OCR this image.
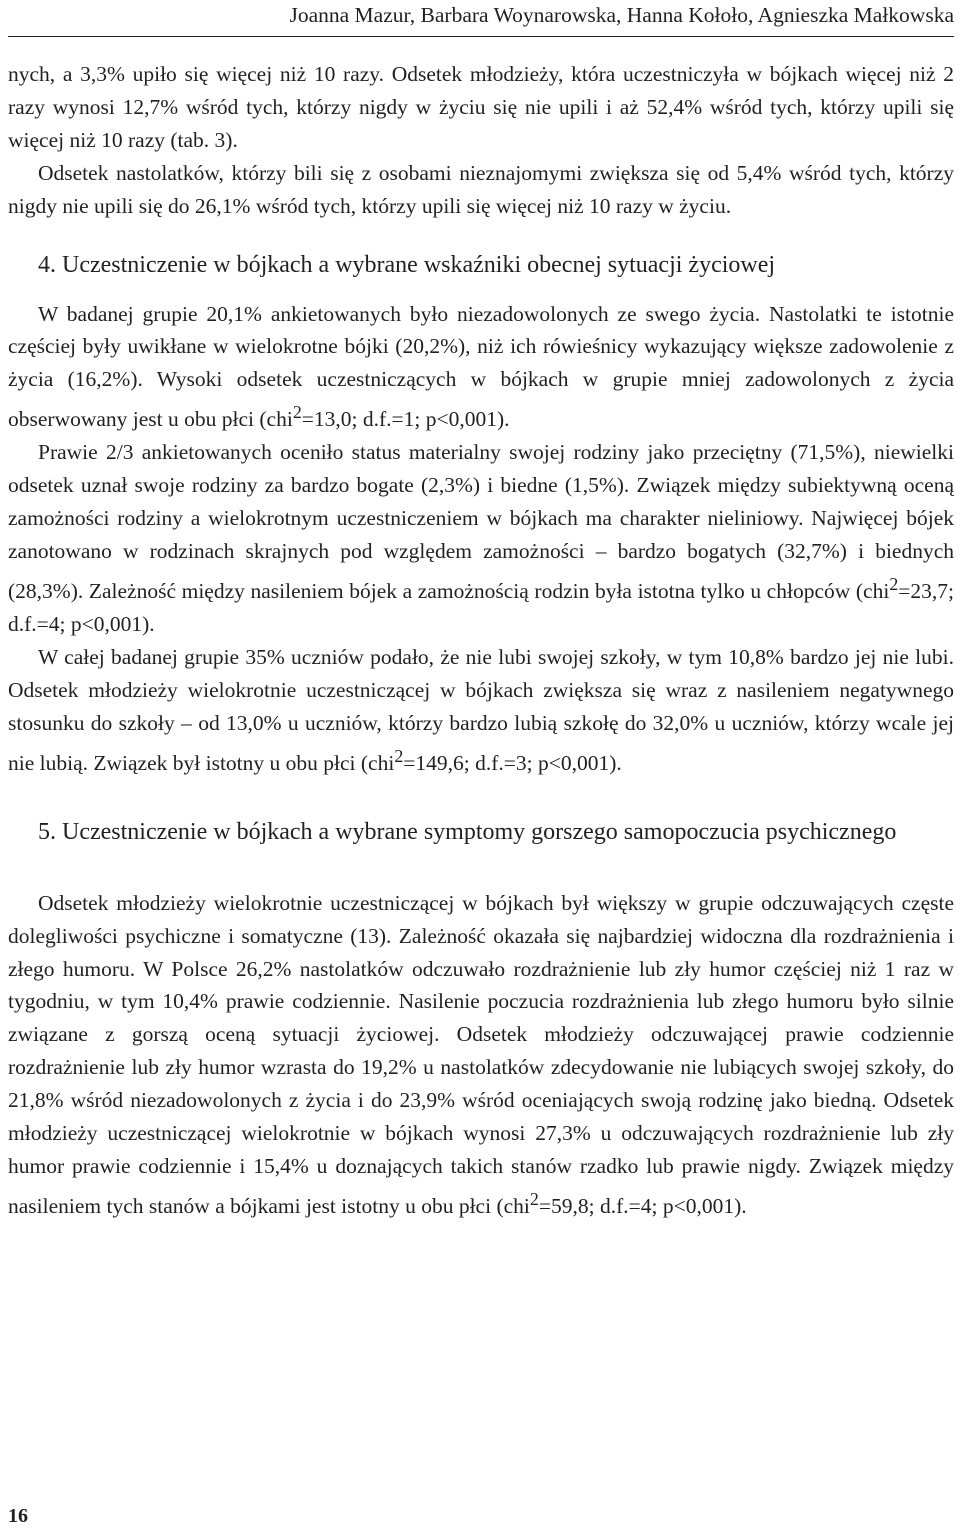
Joanna Mazur, Barbara Woynarowska, Hanna Kołoło, Agnieszka Małkowska

nych, a 3,3% upiło się więcej niż 10 razy. Odsetek młodzieży, która uczestniczyła w bójkach więcej niż 2 razy wynosi 12,7% wśród tych, którzy nigdy w życiu się nie upili i aż 52,4% wśród tych, którzy upili się więcej niż 10 razy (tab. 3).

Odsetek nastolatków, którzy bili się z osobami nieznajomymi zwiększa się od 5,4% wśród tych, którzy nigdy nie upili się do 26,1% wśród tych, którzy upili się więcej niż 10 razy w życiu.

4. Uczestniczenie w bójkach a wybrane wskaźniki obecnej sytuacji życiowej

W badanej grupie 20,1% ankietowanych było niezadowolonych ze swego życia. Nastolatki te istotnie częściej były uwikłane w wielokrotne bójki (20,2%), niż ich rówieśnicy wykazujący większe zadowolenie z życia (16,2%). Wysoki odsetek uczestniczących w bójkach w grupie mniej zadowolonych z życia obserwowany jest u obu płci (chi$^2$=13,0; d.f.=1; p<0,001).

Prawie 2/3 ankietowanych oceniło status materialny swojej rodziny jako przeciętny (71,5%), niewielki odsetek uznał swoje rodziny za bardzo bogate (2,3%) i biedne (1,5%). Związek między subiektywną oceną zamożności rodziny a wielokrotnym uczestniczeniem w bójkach ma charakter nieliniowy. Najwięcej bójek zanotowano w rodzinach skrajnych pod względem zamożności – bardzo bogatych (32,7%) i biednych (28,3%). Zależność między nasileniem bójek a zamożnością rodzin była istotna tylko u chłopców (chi$^2$=23,7; d.f.=4; p<0,001).

W całej badanej grupie 35% uczniów podało, że nie lubi swojej szkoły, w tym 10,8% bardzo jej nie lubi. Odsetek młodzieży wielokrotnie uczestniczącej w bójkach zwiększa się wraz z nasileniem negatywnego stosunku do szkoły – od 13,0% u uczniów, którzy bardzo lubią szkołę do 32,0% u uczniów, którzy wcale jej nie lubią. Związek był istotny u obu płci (chi$^2$=149,6; d.f.=3; p<0,001).

5. Uczestniczenie w bójkach a wybrane symptomy gorszego samopoczucia psychicznego

Odsetek młodzieży wielokrotnie uczestniczącej w bójkach był większy w grupie odczuwających częste dolegliwości psychiczne i somatyczne (13). Zależność okazała się najbardziej widoczna dla rozdrażnienia i złego humoru. W Polsce 26,2% nastolatków odczuwało rozdrażnienie lub zły humor częściej niż 1 raz w tygodniu, w tym 10,4% prawie codziennie. Nasilenie poczucia rozdrażnienia lub złego humoru było silnie związane z gorszą oceną sytuacji życiowej. Odsetek młodzieży odczuwającej prawie codziennie rozdrażnienie lub zły humor wzrasta do 19,2% u nastolatków zdecydowanie nie lubiących swojej szkoły, do 21,8% wśród niezadowolonych z życia i do 23,9% wśród oceniających swoją rodzinę jako biedną. Odsetek młodzieży uczestniczącej wielokrotnie w bójkach wynosi 27,3% u odczuwających rozdrażnienie lub zły humor prawie codziennie i 15,4% u doznających takich stanów rzadko lub prawie nigdy. Związek między nasileniem tych stanów a bójkami jest istotny u obu płci (chi$^2$=59,8; d.f.=4; p<0,001).

16
